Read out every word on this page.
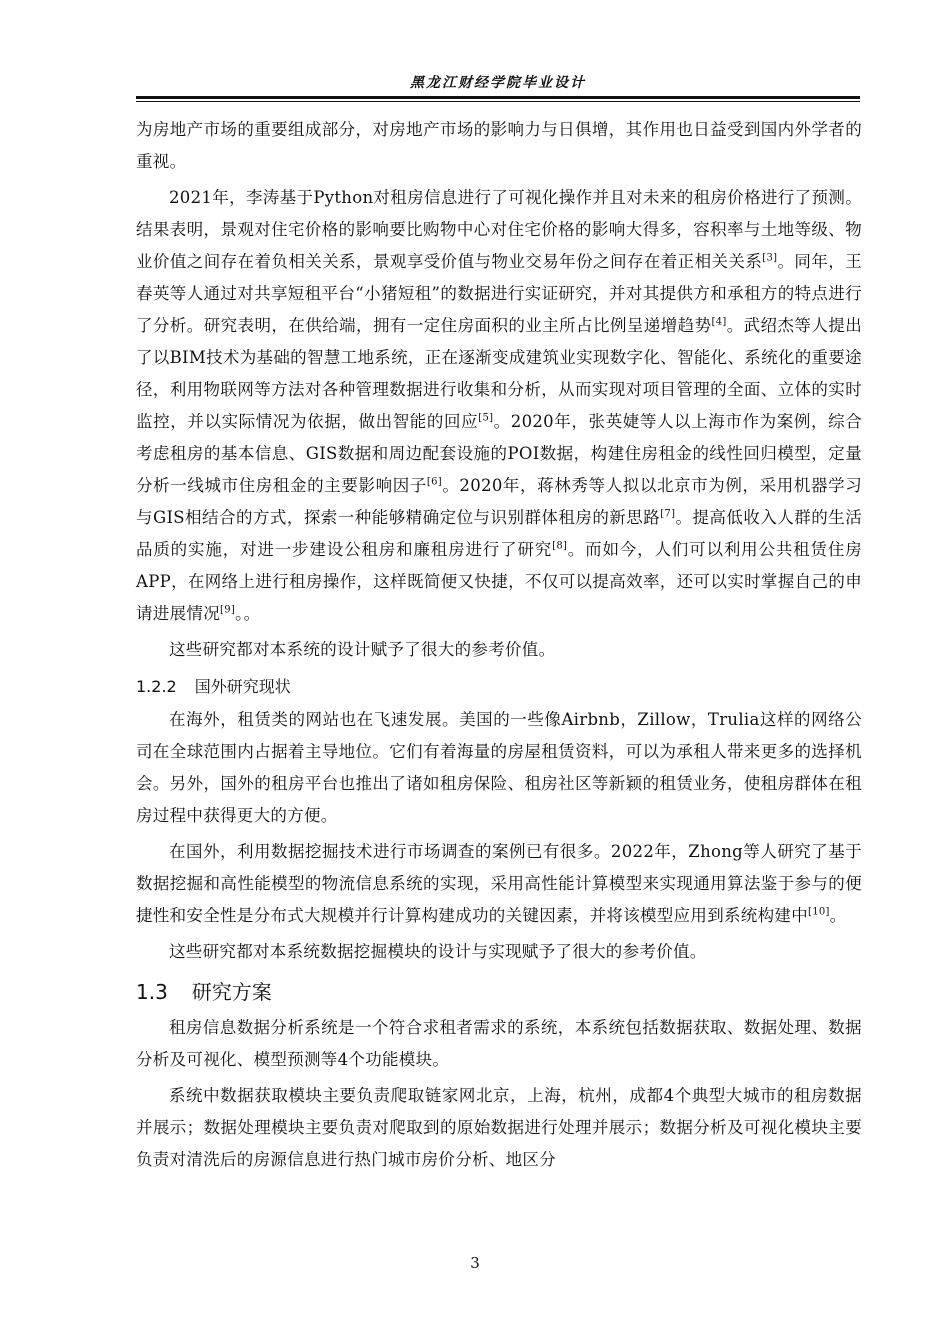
黑龙江财经学院毕业设计

为房地产市场的重要组成部分，对房地产市场的影响力与日俱增，其作用也日益受到国内外学者的重视。

2021年，李涛基于Python对租房信息进行了可视化操作并且对未来的租房价格进行了预测。结果表明，景观对住宅价格的影响要比购物中心对住宅价格的影响大得多，容积率与土地等级、物业价值之间存在着负相关关系，景观享受价值与物业交易年份之间存在着正相关关系[3]。同年，王春英等人通过对共享短租平台“小猪短租”的数据进行实证研究，并对其提供方和承租方的特点进行了分析。研究表明，在供给端，拥有一定住房面积的业主所占比例呈递增趋势[4]。武绍杰等人提出了以BIM技术为基础的智慧工地系统，正在逐渐变成建筑业实现数字化、智能化、系统化的重要途径，利用物联网等方法对各种管理数据进行收集和分析，从而实现对项目管理的全面、立体的实时监控，并以实际情况为依据，做出智能的回应[5]。2020年，张英婕等人以上海市作为案例，综合考虑租房的基本信息、GIS数据和周边配套设施的POI数据，构建住房租金的线性回归模型，定量分析一线城市住房租金的主要影响因子[6]。2020年，蒋林秀等人拟以北京市为例，采用机器学习与GIS相结合的方式，探索一种能够精确定位与识别群体租房的新思路[7]。提高低收入人群的生活品质的实施，对进一步建设公租房和廉租房进行了研究[8]。而如今，人们可以利用公共租赁住房APP，在网络上进行租房操作，这样既简便又快捷，不仅可以提高效率，还可以实时掌握自己的申请进展情况[9]。。

这些研究都对本系统的设计赋予了很大的参考价值。

1.2.2 国外研究现状

在海外，租赁类的网站也在飞速发展。美国的一些像Airbnb，Zillow，Trulia这样的网络公司在全球范围内占据着主导地位。它们有着海量的房屋租赁资料，可以为承租人带来更多的选择机会。另外，国外的租房平台也推出了诸如租房保险、租房社区等新颖的租赁业务，使租房群体在租房过程中获得更大的方便。

在国外，利用数据挖掘技术进行市场调查的案例已有很多。2022年，Zhong等人研究了基于数据挖掘和高性能模型的物流信息系统的实现，采用高性能计算模型来实现通用算法鉴于参与的便捷性和安全性是分布式大规模并行计算构建成功的关键因素，并将该模型应用到系统构建中[10]。

这些研究都对本系统数据挖掘模块的设计与实现赋予了很大的参考价值。

1.3 研究方案

租房信息数据分析系统是一个符合求租者需求的系统，本系统包括数据获取、数据处理、数据分析及可视化、模型预测等4个功能模块。

系统中数据获取模块主要负责爬取链家网北京，上海，杭州，成都4个典型大城市的租房数据并展示；数据处理模块主要负责对爬取到的原始数据进行处理并展示；数据分析及可视化模块主要负责对清洗后的房源信息进行热门城市房价分析、地区分

3
